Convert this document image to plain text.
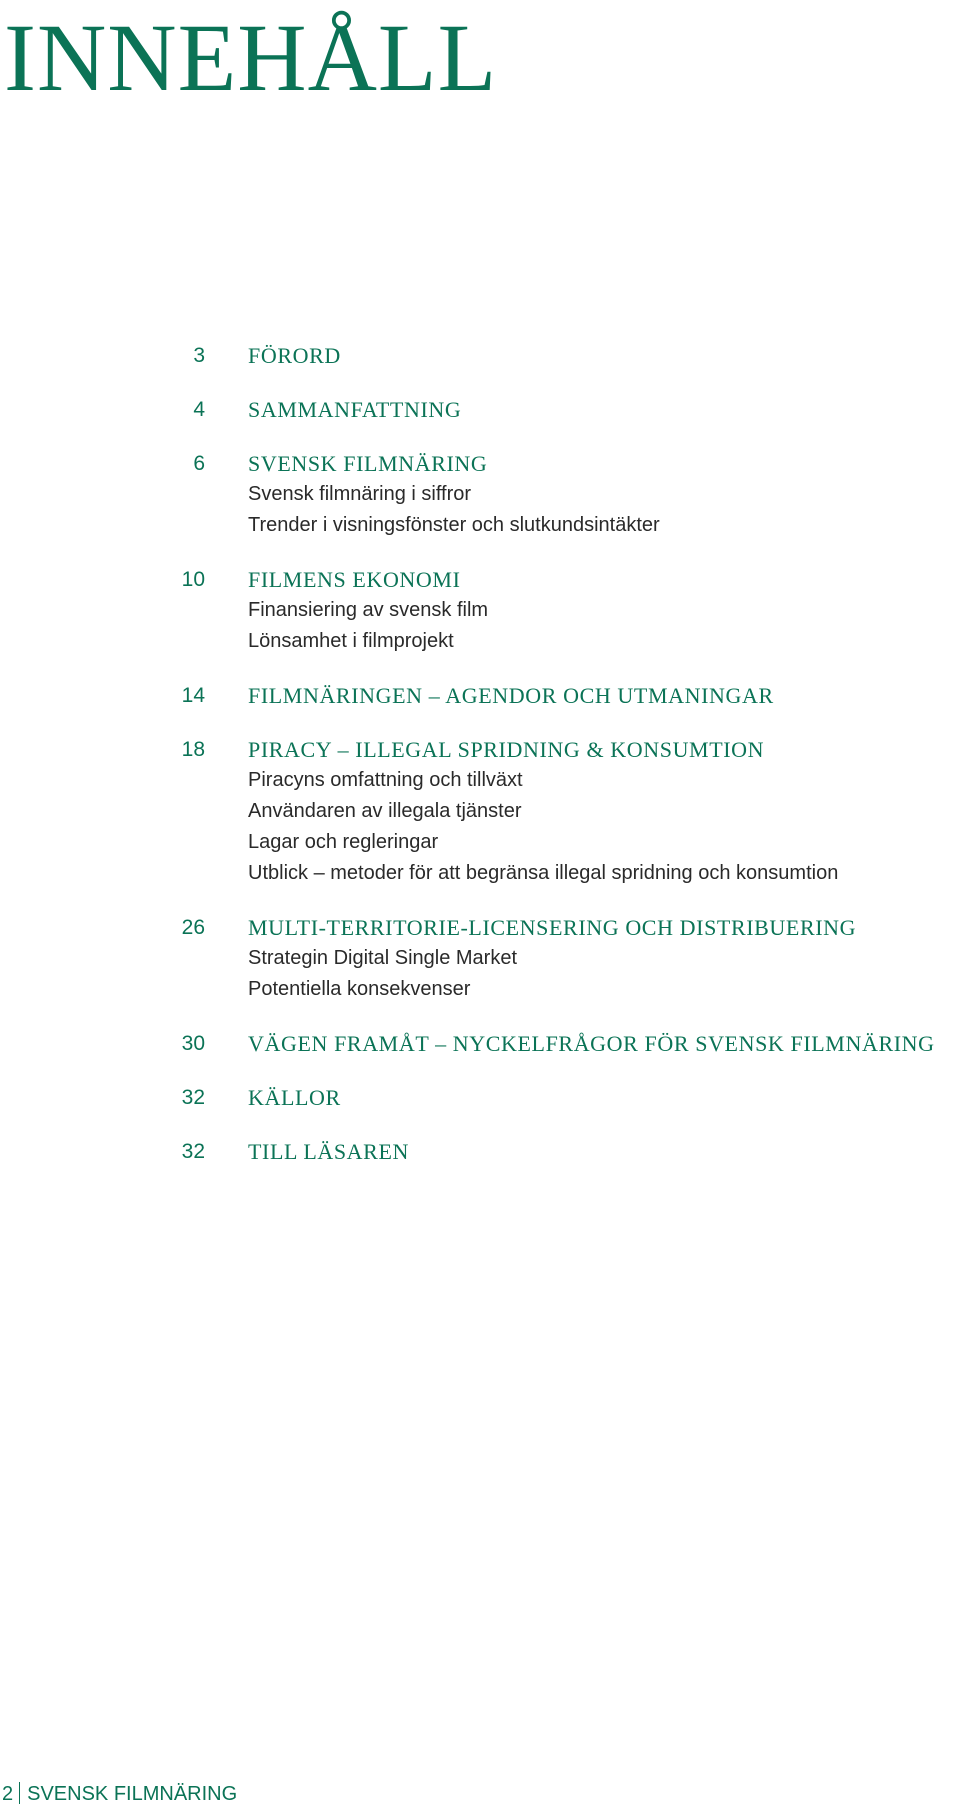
INNEHÅLL
3 FÖRORD
4 SAMMANFATTNING
6 SVENSK FILMNÄRING
Svensk filmnäring i siffror
Trender i visningsfönster och slutkundsintäkter
10 FILMENS EKONOMI
Finansiering av svensk film
Lönsamhet i filmprojekt
14 FILMNÄRINGEN – AGENDOR OCH UTMANINGAR
18 PIRACY – ILLEGAL SPRIDNING & KONSUMTION
Piracyns omfattning och tillväxt
Användaren av illegala tjänster
Lagar och regleringar
Utblick – metoder för att begränsa illegal spridning och konsumtion
26 MULTI-TERRITORIE-LICENSERING OCH DISTRIBUERING
Strategin Digital Single Market
Potentiella konsekvenser
30 VÄGEN FRAMÅT – NYCKELFRÅGOR FÖR SVENSK FILMNÄRING
32 KÄLLOR
32 TILL LÄSAREN
2 SVENSK FILMNÄRING
